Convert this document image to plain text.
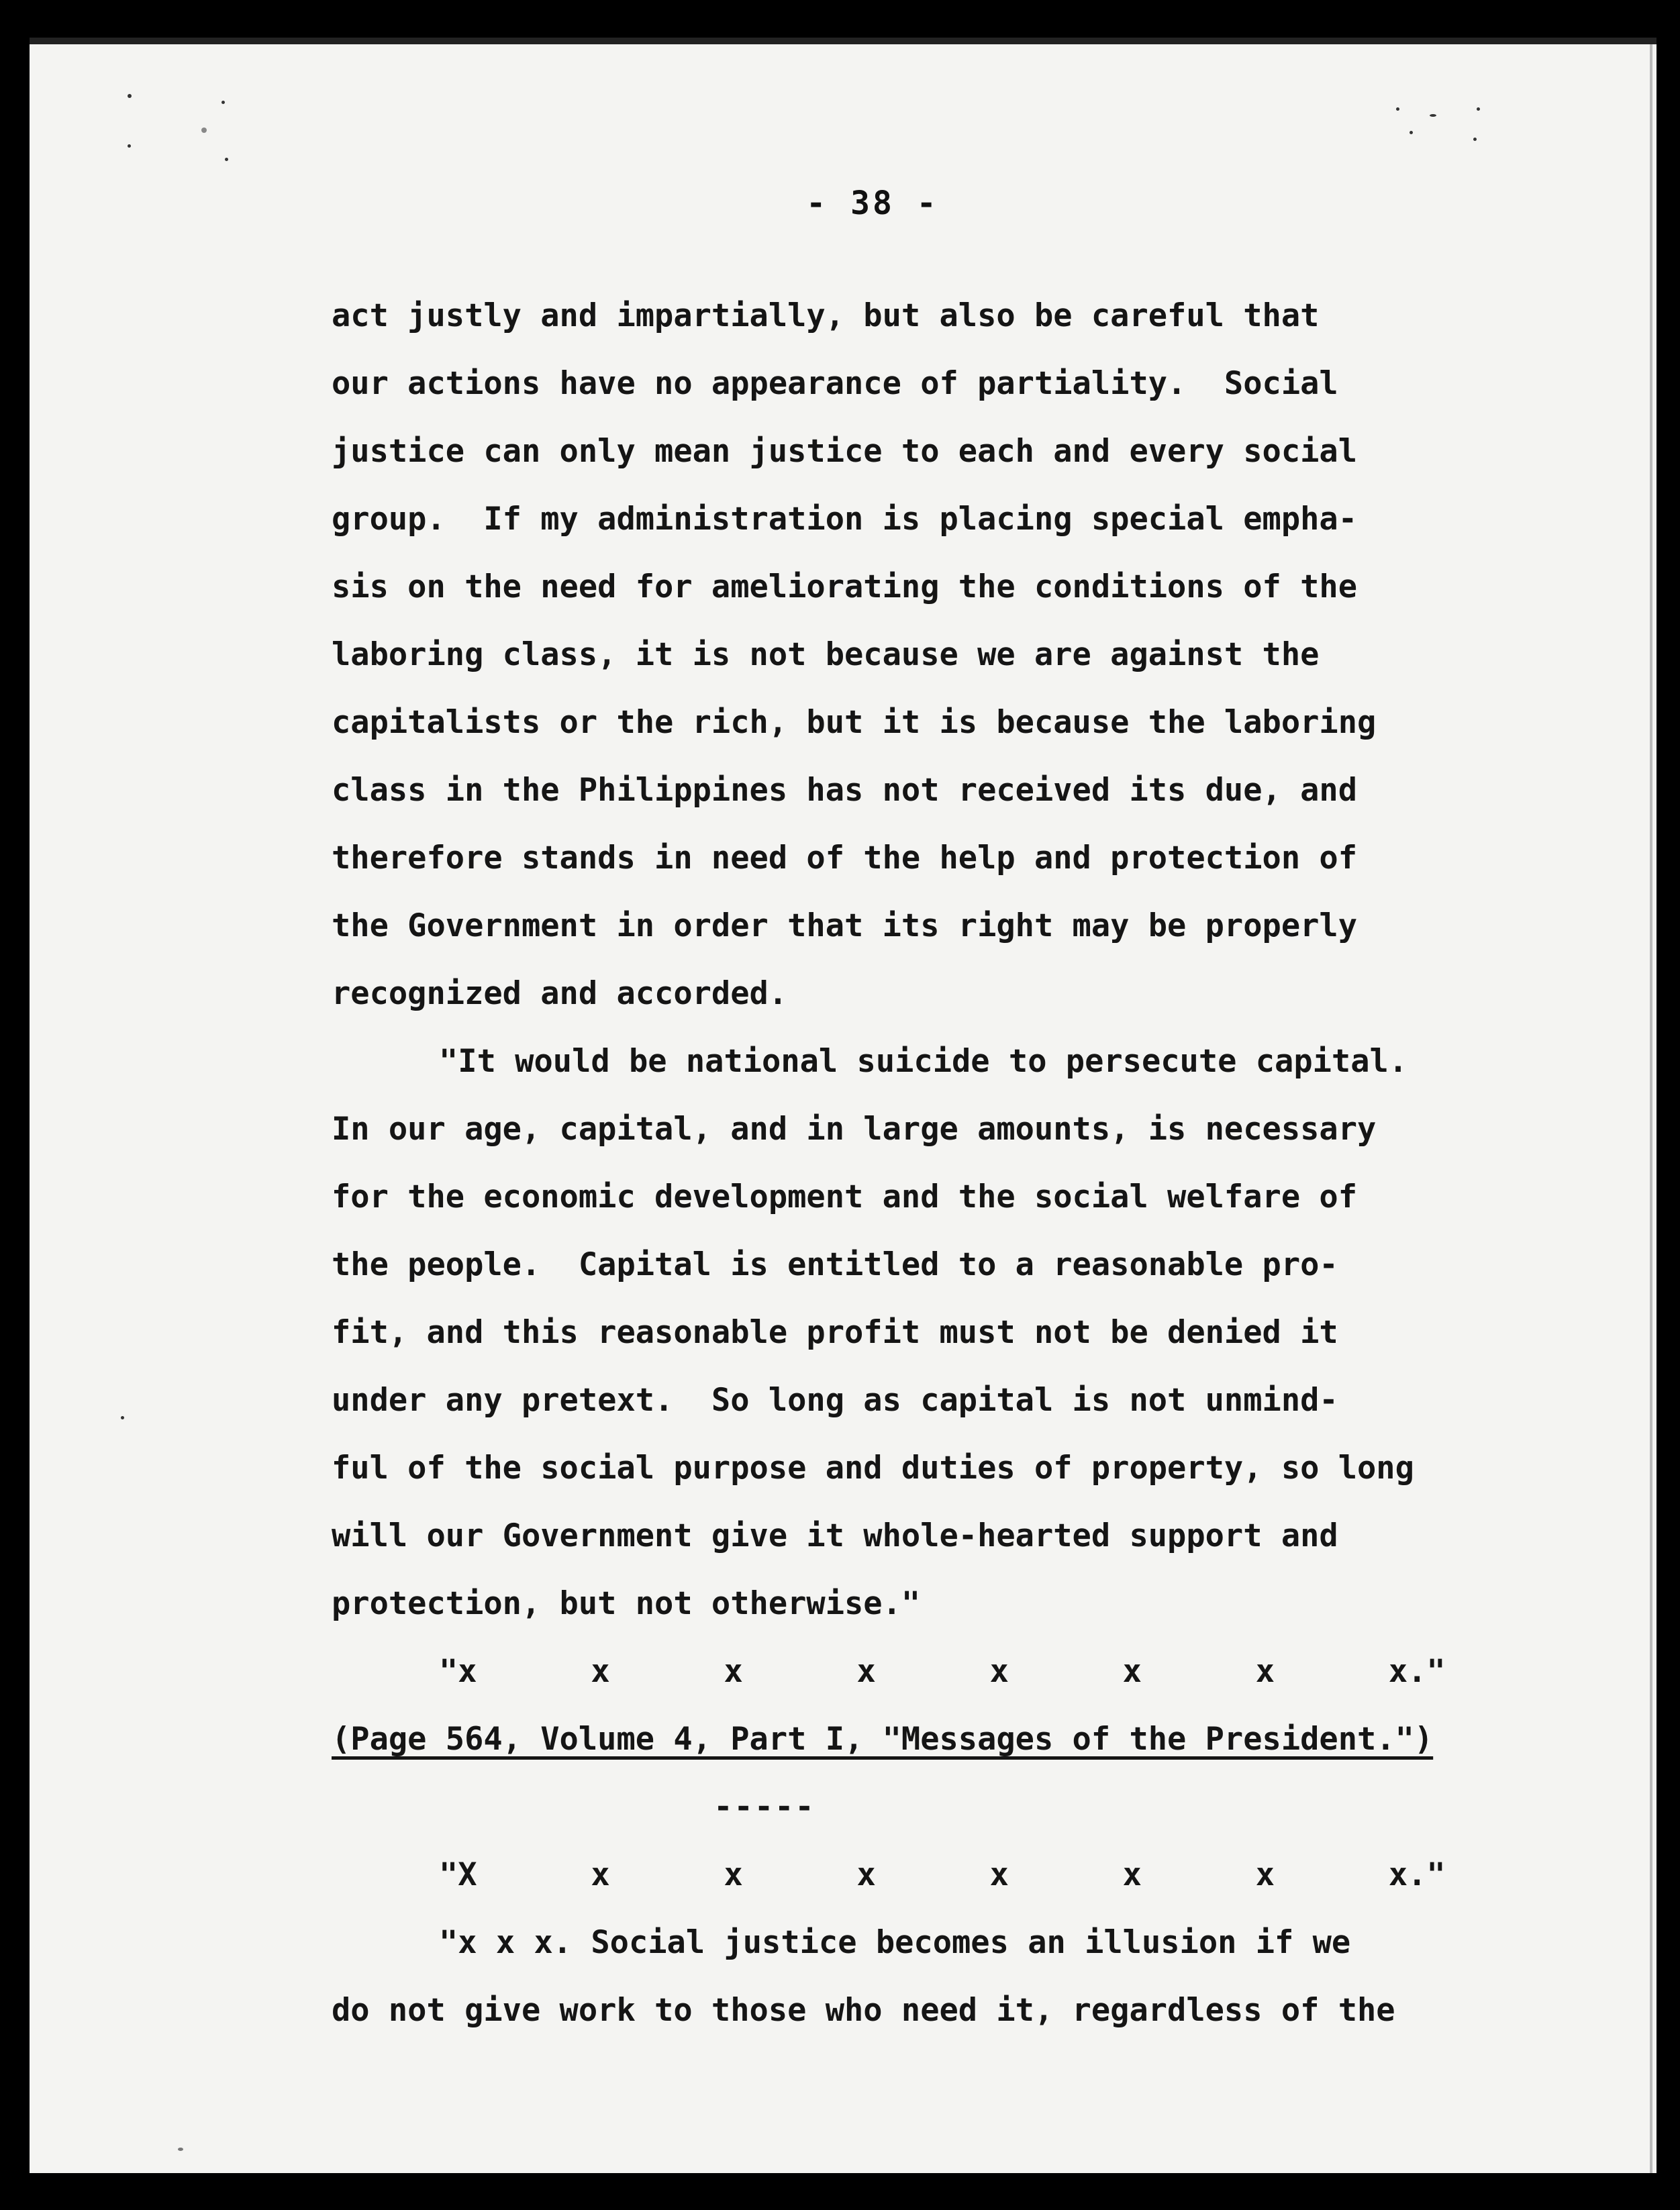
- 38 -
act justly and impartially, but also be careful that
our actions have no appearance of partiality.  Social
justice can only mean justice to each and every social
group.  If my administration is placing special empha-
sis on the need for ameliorating the conditions of the
laboring class, it is not because we are against the
capitalists or the rich, but it is because the laboring
class in the Philippines has not received its due, and
therefore stands in need of the help and protection of
the Government in order that its right may be properly
recognized and accorded.
"It would be national suicide to persecute capital.
In our age, capital, and in large amounts, is necessary
for the economic development and the social welfare of
the people.  Capital is entitled to a reasonable pro-
fit, and this reasonable profit must not be denied it
under any pretext.  So long as capital is not unmind-
ful of the social purpose and duties of property, so long
will our Government give it whole-hearted support and
protection, but not otherwise."
"x      x      x      x      x      x      x      x."
(Page 564, Volume 4, Part I, "Messages of the President.")
-----
"X      x      x      x      x      x      x      x."
"x x x. Social justice becomes an illusion if we
do not give work to those who need it, regardless of the
